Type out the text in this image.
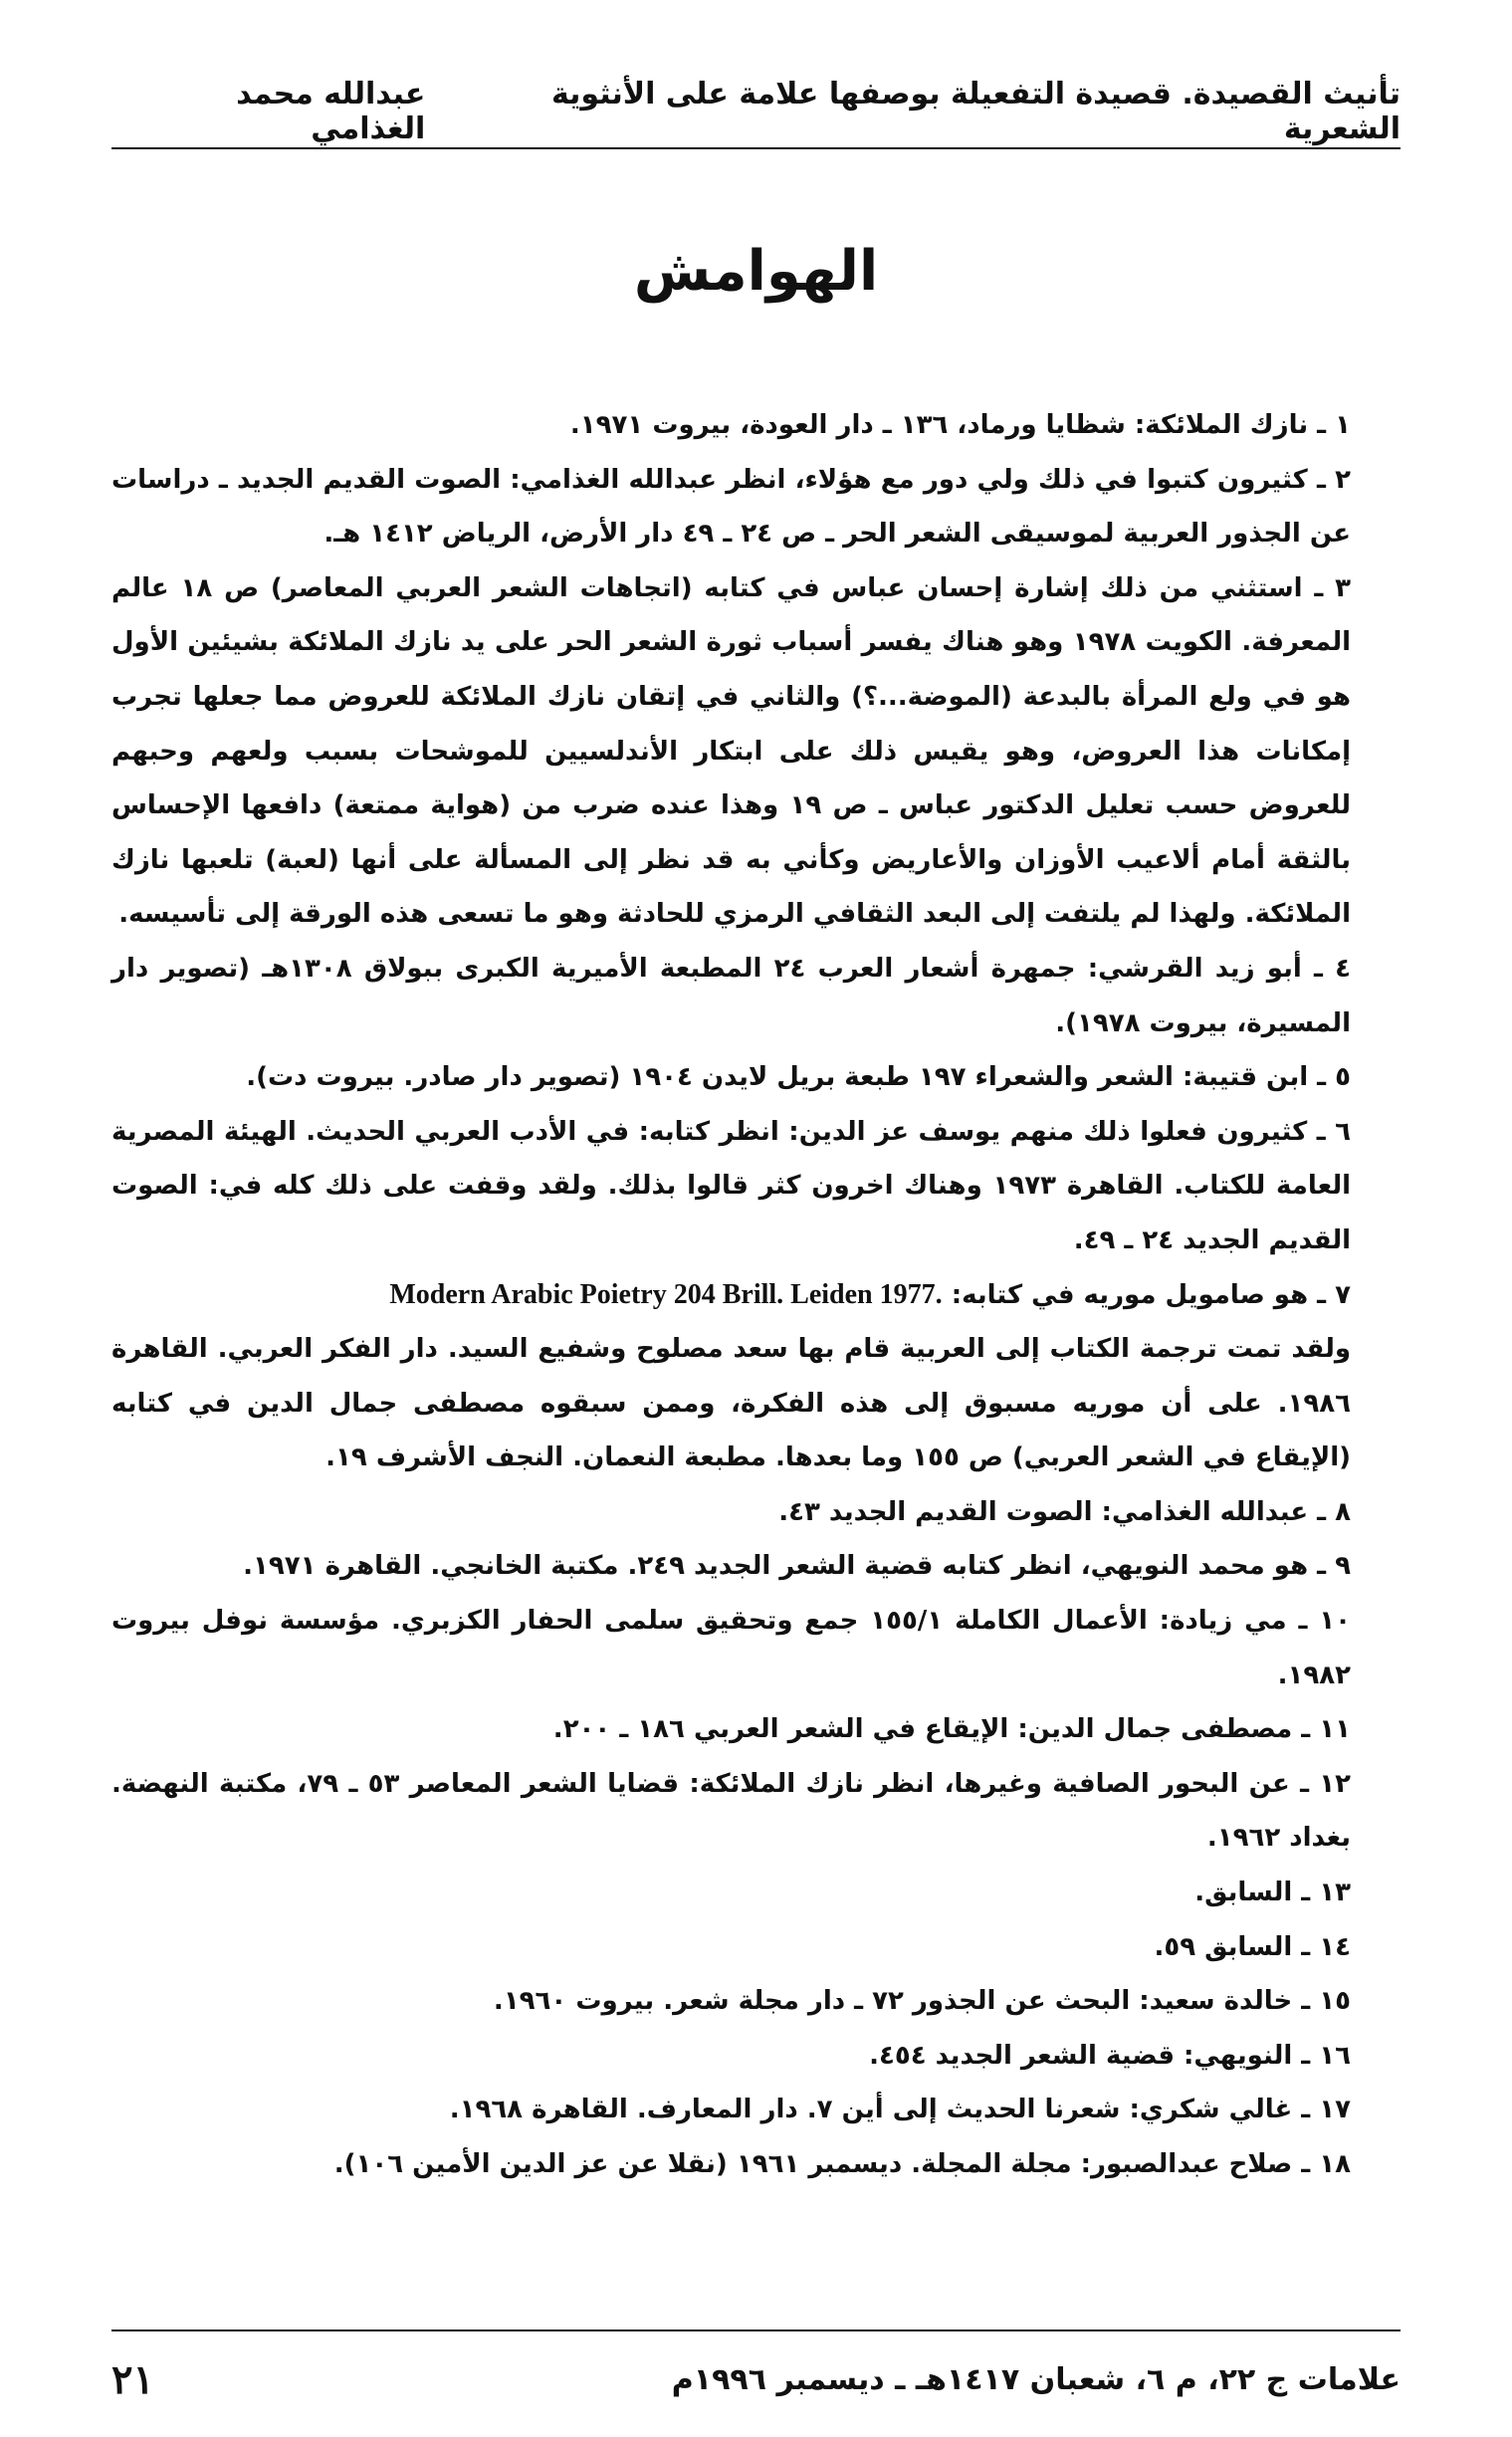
تأنيث القصيدة. قصيدة التفعيلة بوصفها علامة على الأنثوية الشعرية
عبدالله محمد الغذامي
الهوامش

١ ـ نازك الملائكة: شظايا ورماد، ١٣٦ ـ دار العودة، بيروت ١٩٧١.

٢ ـ كثيرون كتبوا في ذلك ولي دور مع هؤلاء، انظر عبدالله الغذامي: الصوت القديم الجديد ـ دراسات عن الجذور العربية لموسيقى الشعر الحر ـ ص ٢٤ ـ ٤٩ دار الأرض، الرياض ١٤١٢ هـ.

٣ ـ استثني من ذلك إشارة إحسان عباس في كتابه (اتجاهات الشعر العربي المعاصر) ص ١٨ عالم المعرفة. الكويت ١٩٧٨ وهو هناك يفسر أسباب ثورة الشعر الحر على يد نازك الملائكة بشيئين الأول هو في ولع المرأة بالبدعة (الموضة...؟) والثاني في إتقان نازك الملائكة للعروض مما جعلها تجرب إمكانات هذا العروض، وهو يقيس ذلك على ابتكار الأندلسيين للموشحات بسبب ولعهم وحبهم للعروض حسب تعليل الدكتور عباس ـ ص ١٩ وهذا عنده ضرب من (هواية ممتعة) دافعها الإحساس بالثقة أمام ألاعيب الأوزان والأعاريض وكأني به قد نظر إلى المسألة على أنها (لعبة) تلعبها نازك الملائكة. ولهذا لم يلتفت إلى البعد الثقافي الرمزي للحادثة وهو ما تسعى هذه الورقة إلى تأسيسه.

٤ ـ أبو زيد القرشي: جمهرة أشعار العرب ٢٤ المطبعة الأميرية الكبرى ببولاق ١٣٠٨هـ (تصوير دار المسيرة، بيروت ١٩٧٨).

٥ ـ ابن قتيبة: الشعر والشعراء ١٩٧ طبعة بريل لايدن ١٩٠٤ (تصوير دار صادر. بيروت دت).

٦ ـ كثيرون فعلوا ذلك منهم يوسف عز الدين: انظر كتابه: في الأدب العربي الحديث. الهيئة المصرية العامة للكتاب. القاهرة ١٩٧٣ وهناك اخرون كثر قالوا بذلك. ولقد وقفت على ذلك كله في: الصوت القديم الجديد ٢٤ ـ ٤٩.

٧ ـ هو صامويل موريه في كتابه: Modern Arabic Poietry 204 Brill. Leiden 1977.

ولقد تمت ترجمة الكتاب إلى العربية قام بها سعد مصلوح وشفيع السيد. دار الفكر العربي. القاهرة ١٩٨٦. على أن موريه مسبوق إلى هذه الفكرة، وممن سبقوه مصطفى جمال الدين في كتابه (الإيقاع في الشعر العربي) ص ١٥٥ وما بعدها. مطبعة النعمان. النجف الأشرف ١٩.

٨ ـ عبدالله الغذامي: الصوت القديم الجديد ٤٣.

٩ ـ هو محمد النويهي، انظر كتابه قضية الشعر الجديد ٢٤٩. مكتبة الخانجي. القاهرة ١٩٧١.

١٠ ـ مي زيادة: الأعمال الكاملة ١٥٥/١ جمع وتحقيق سلمى الحفار الكزبري. مؤسسة نوفل بيروت ١٩٨٢.

١١ ـ مصطفى جمال الدين: الإيقاع في الشعر العربي ١٨٦ ـ ٢٠٠.

١٢ ـ عن البحور الصافية وغيرها، انظر نازك الملائكة: قضايا الشعر المعاصر ٥٣ ـ ٧٩، مكتبة النهضة. بغداد ١٩٦٢.

١٣ ـ السابق.

١٤ ـ السابق ٥٩.

١٥ ـ خالدة سعيد: البحث عن الجذور ٧٢ ـ دار مجلة شعر. بيروت ١٩٦٠.

١٦ ـ النويهي: قضية الشعر الجديد ٤٥٤.

١٧ ـ غالي شكري: شعرنا الحديث إلى أين ٧. دار المعارف. القاهرة ١٩٦٨.

١٨ ـ صلاح عبدالصبور: مجلة المجلة. ديسمبر ١٩٦١ (نقلا عن عز الدين الأمين ١٠٦).

علامات ج ٢٢، م ٦، شعبان ١٤١٧هـ ـ ديسمبر ١٩٩٦م
٢١
